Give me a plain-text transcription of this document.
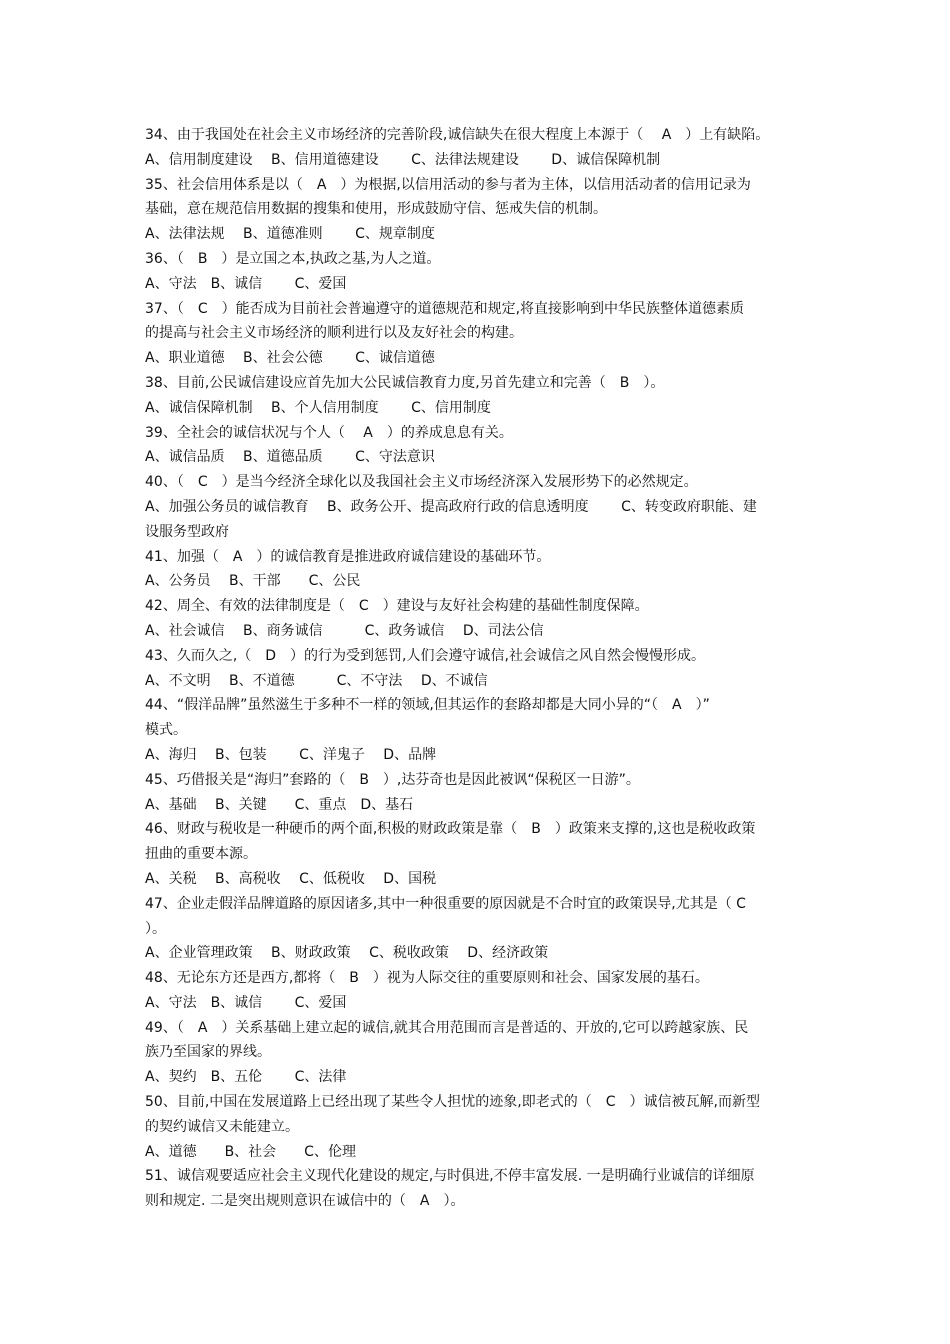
34、由于我国处在社会主义市场经济的完善阶段,诚信缺失在很大程度上本源于（　 A　）上有缺陷。
A、信用制度建设　 B、信用道德建设　　 C、法律法规建设　　 D、诚信保障机制
35、社会信用体系是以（　A　）为根据,以信用活动的参与者为主体，以信用活动者的信用记录为
基础，意在规范信用数据的搜集和使用，形成鼓励守信、惩戒失信的机制。
A、法律法规　 B、道德准则　　 C、规章制度
36、（　B　）是立国之本,执政之基,为人之道。
A、守法　B、诚信　　 C、爱国
37、（　C　）能否成为目前社会普遍遵守的道德规范和规定,将直接影响到中华民族整体道德素质
的提高与社会主义市场经济的顺利进行以及友好社会的构建。
A、职业道德　 B、社会公德　　 C、诚信道德
38、目前,公民诚信建设应首先加大公民诚信教育力度,另首先建立和完善（　B　）。
A、诚信保障机制　 B、个人信用制度　　 C、信用制度
39、全社会的诚信状况与个人（　 A　）的养成息息有关。
A、诚信品质　 B、道德品质　　 C、守法意识
40、（　C　）是当今经济全球化以及我国社会主义市场经济深入发展形势下的必然规定。
A、加强公务员的诚信教育　 B、政务公开、提高政府行政的信息透明度　　 C、转变政府职能、建
设服务型政府
41、加强（　A　）的诚信教育是推进政府诚信建设的基础环节。
A、公务员　 B、干部　　C、公民
42、周全、有效的法律制度是（　C　）建设与友好社会构建的基础性制度保障。
A、社会诚信　 B、商务诚信　　　C、政务诚信　 D、司法公信
43、久而久之,（　D　）的行为受到惩罚,人们会遵守诚信,社会诚信之风自然会慢慢形成。
A、不文明　 B、不道德　　　C、不守法　 D、不诚信
44、“假洋品牌”虽然滋生于多种不一样的领域,但其运作的套路却都是大同小异的“（　A　）”
模式。
A、海归　 B、包装　　 C、洋鬼子　 D、品牌
45、巧借报关是“海归”套路的（　B　）,达芬奇也是因此被讽“保税区一日游”。
A、基础　 B、关键　　C、重点　D、基石
46、财政与税收是一种硬币的两个面,积极的财政政策是靠（　B　）政策来支撑的,这也是税收政策
扭曲的重要本源。
A、关税　 B、高税收　 C、低税收　 D、国税
47、企业走假洋品牌道路的原因诸多,其中一种很重要的原因就是不合时宜的政策误导,尤其是（ C
）。
A、企业管理政策　 B、财政政策　 C、税收政策　 D、经济政策
48、无论东方还是西方,都将（　B　）视为人际交往的重要原则和社会、国家发展的基石。
A、守法　B、诚信　　 C、爱国
49、（　A　）关系基础上建立起的诚信,就其合用范围而言是普适的、开放的,它可以跨越家族、民
族乃至国家的界线。
A、契约　B、五伦　　 C、法律
50、目前,中国在发展道路上已经出现了某些令人担忧的迹象,即老式的（　C　）诚信被瓦解,而新型
的契约诚信又未能建立。
A、道德　　B、社会　　C、伦理
51、诚信观要适应社会主义现代化建设的规定,与时俱进,不停丰富发展. 一是明确行业诚信的详细原
则和规定. 二是突出规则意识在诚信中的（　A　）。
